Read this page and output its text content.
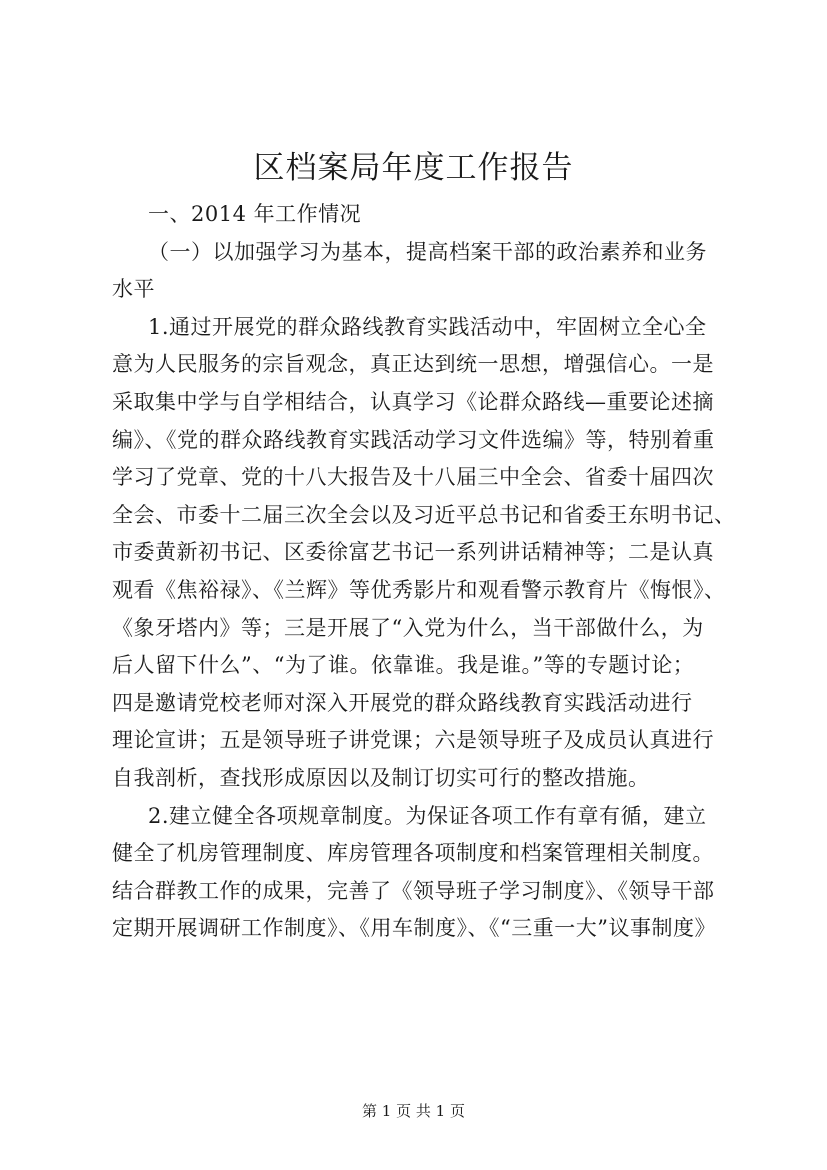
区档案局年度工作报告
一、2014 年工作情况
（一）以加强学习为基本，提高档案干部的政治素养和业务
水平
1.通过开展党的群众路线教育实践活动中，牢固树立全心全
意为人民服务的宗旨观念，真正达到统一思想，增强信心。一是
采取集中学与自学相结合，认真学习《论群众路线—重要论述摘
编》、《党的群众路线教育实践活动学习文件选编》等，特别着重
学习了党章、党的十八大报告及十八届三中全会、省委十届四次
全会、市委十二届三次全会以及习近平总书记和省委王东明书记、
市委黄新初书记、区委徐富艺书记一系列讲话精神等；二是认真
观看《焦裕禄》、《兰辉》等优秀影片和观看警示教育片《悔恨》、
《象牙塔内》等；三是开展了“入党为什么，当干部做什么，为
后人留下什么”、“为了谁。依靠谁。我是谁。”等的专题讨论；
四是邀请党校老师对深入开展党的群众路线教育实践活动进行
理论宣讲；五是领导班子讲党课；六是领导班子及成员认真进行
自我剖析，查找形成原因以及制订切实可行的整改措施。
2.建立健全各项规章制度。为保证各项工作有章有循，建立
健全了机房管理制度、库房管理各项制度和档案管理相关制度。
结合群教工作的成果，完善了《领导班子学习制度》、《领导干部
定期开展调研工作制度》、《用车制度》、《“三重一大”议事制度》
第 1 页 共 1 页
